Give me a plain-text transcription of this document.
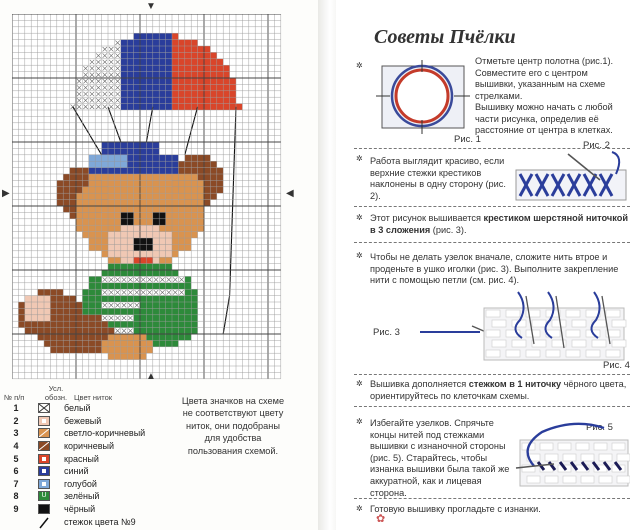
▼
▲
▶	◀
№ п/п
Усл. обозн. Цвет ниток
1	белый
2	бежевый
3	светло-коричневый
4	коричневый
5	красный
6	синий
7	голубой
8	U зелёный
9	чёрный
стежок цвета №9
Цвета значков на схеме не соответствуют цвету ниток, они подобраны для удобства пользования схемой.
Советы Пчёлки
✲	Отметьте центр полотна (рис.1). Совместите его с центром вышивки, указанным на схеме стрелками.
Вышивку можно начать с любой части рисунка, определив её расстояние от центра в клетках.
Рис. 1
✲ Работа выглядит красиво, если верхние стежки крестиков наклонены в одну сторону (рис. 2).
Рис. 2
✲ Этот рисунок вышивается крестиком шерстяной ниточкой в 3 сложения (рис. 3).
✲ Чтобы не делать узелок вначале, сложите нить втрое и проденьте в ушко иголки (рис. 3). Выполните закрепление нити с помощью петли (см. рис. 4).
Рис. 3
Рис. 4
✲ Вышивка дополняется стежком в 1 ниточку чёрного цвета, ориентируйтесь по клеточкам схемы.
✲ Избегайте узелков. Спрячьте концы нитей под стежками вышивки с изнаночной стороны (рис. 5). Старайтесь, чтобы изнанка вышивки была такой же аккуратной, как и лицевая сторона.
Рис. 5
✲ Готовую вышивку прогладьте с изнанки.
✿
